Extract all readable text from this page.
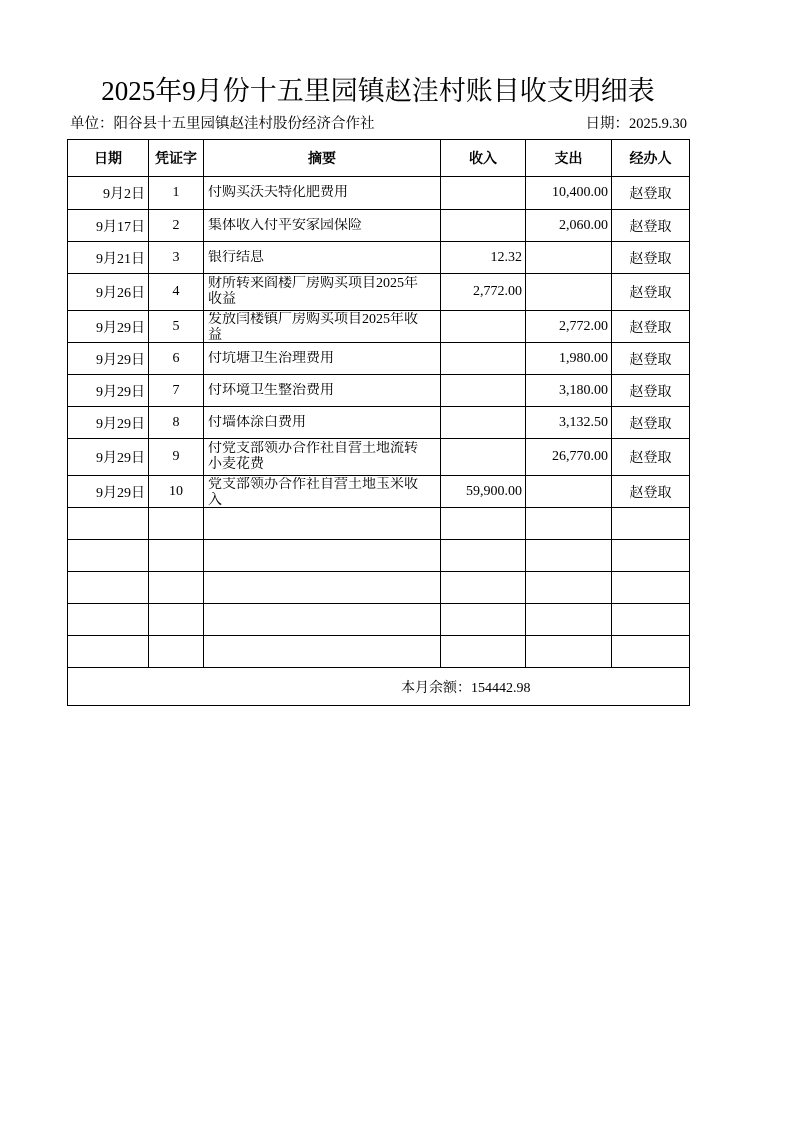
2025年9月份十五里园镇赵洼村账目收支明细表
单位：阳谷县十五里园镇赵洼村股份经济合作社	日期：2025.9.30
日期	凭证字	摘要	收入	支出	经办人
9月2日	1	付购买沃夫特化肥费用		10,400.00	赵登取
9月17日	2	集体收入付平安家园保险		2,060.00	赵登取
9月21日	3	银行结息	12.32		赵登取
9月26日	4	财所转来阎楼厂房购买项目2025年收益	2,772.00		赵登取
9月29日	5	发放闫楼镇厂房购买项目2025年收益		2,772.00	赵登取
9月29日	6	付坑塘卫生治理费用		1,980.00	赵登取
9月29日	7	付环境卫生整治费用		3,180.00	赵登取
9月29日	8	付墙体涂白费用		3,132.50	赵登取
9月29日	9	付党支部领办合作社自营土地流转小麦花费		26,770.00	赵登取
9月29日	10	党支部领办合作社自营土地玉米收入	59,900.00		赵登取

本月余额：154442.98					
